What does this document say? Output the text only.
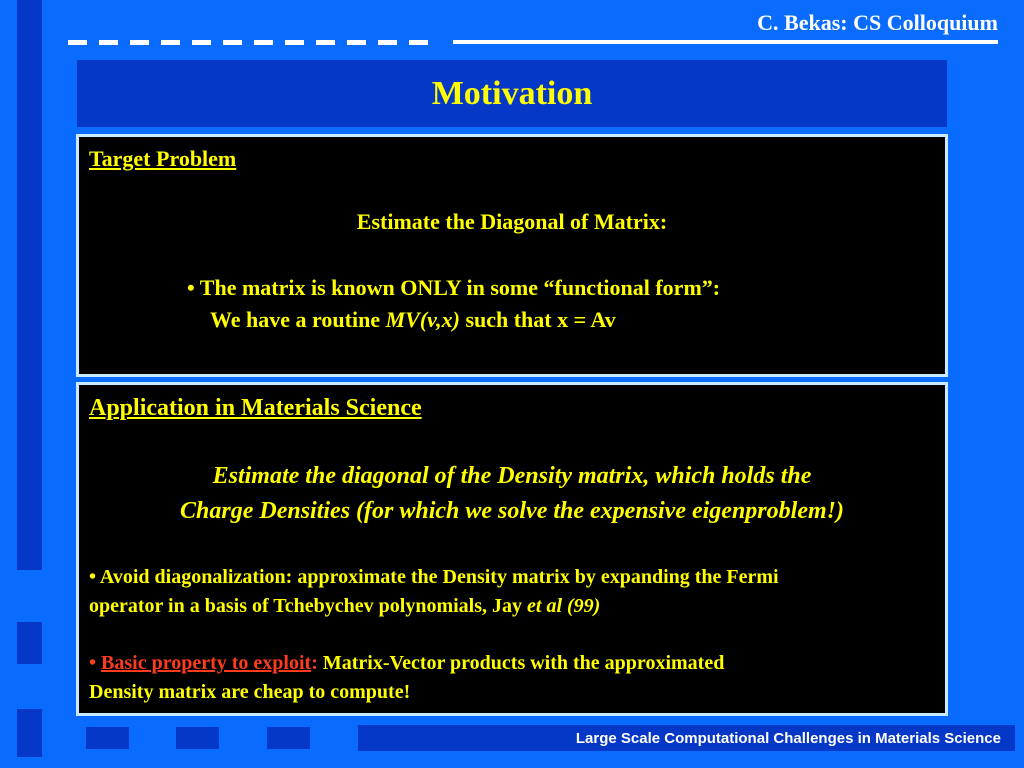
C. Bekas: CS Colloquium
Motivation
Target Problem
Estimate the Diagonal of Matrix:
• The matrix is known ONLY in some “functional form”:
We have a routine MV(v,x) such that x = Av
Application in Materials Science
Estimate the diagonal of the Density matrix, which holds the
Charge Densities (for which we solve the expensive eigenproblem!)
• Avoid diagonalization: approximate the Density matrix by expanding the Fermi
operator in a basis of Tchebychev polynomials, Jay et al (99)
• Basic property to exploit: Matrix-Vector products with the approximated
Density matrix are cheap to compute!
Large Scale Computational Challenges in Materials Science
